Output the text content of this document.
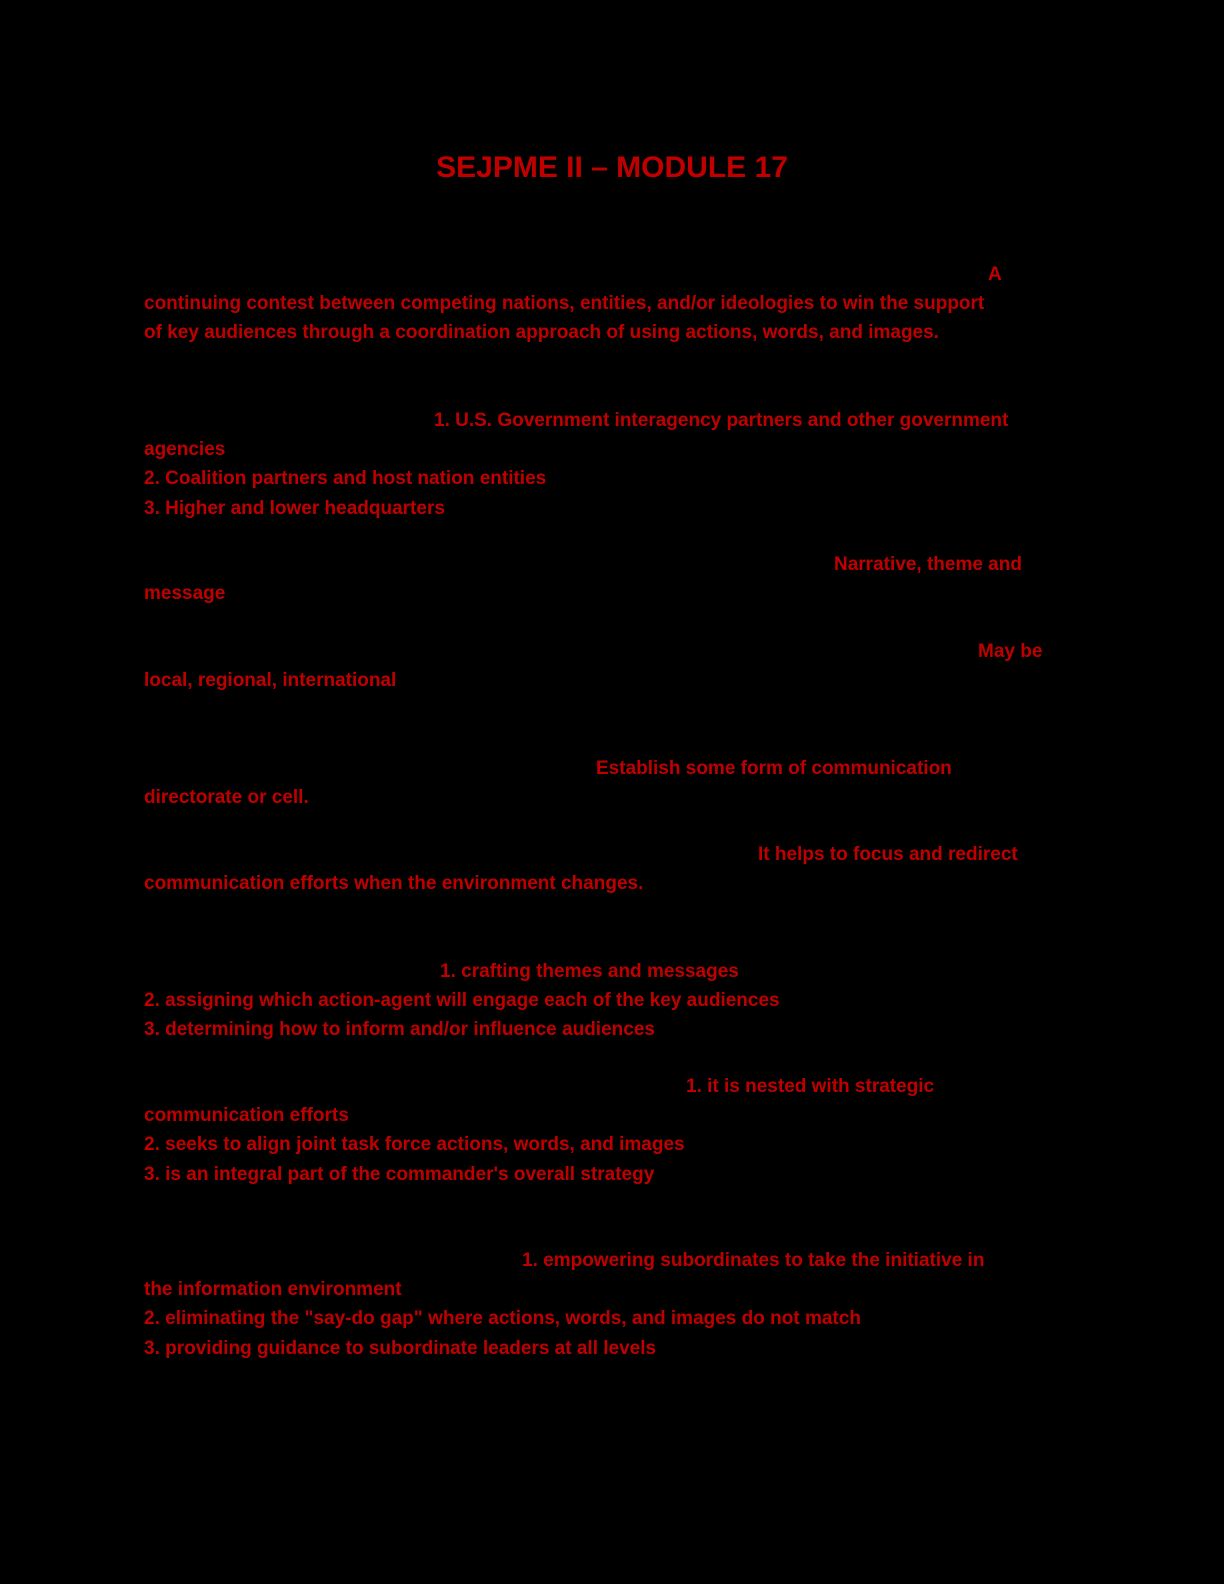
SEJPME II – MODULE 17
A
continuing contest between competing nations, entities, and/or ideologies to win the support
of key audiences through a coordination approach of using actions, words, and images.
1. U.S. Government interagency partners and other government
agencies
2. Coalition partners and host nation entities
3. Higher and lower headquarters
Narrative, theme and
message
May be
local, regional, international
Establish some form of communication
directorate or cell.
It helps to focus and redirect
communication efforts when the environment changes.
1. crafting themes and messages
2. assigning which action-agent will engage each of the key audiences
3. determining how to inform and/or influence audiences
1. it is nested with strategic
communication efforts
2. seeks to align joint task force actions, words, and images
3. is an integral part of the commander's overall strategy
1. empowering subordinates to take the initiative in
the information environment
2. eliminating the "say-do gap" where actions, words, and images do not match
3. providing guidance to subordinate leaders at all levels
